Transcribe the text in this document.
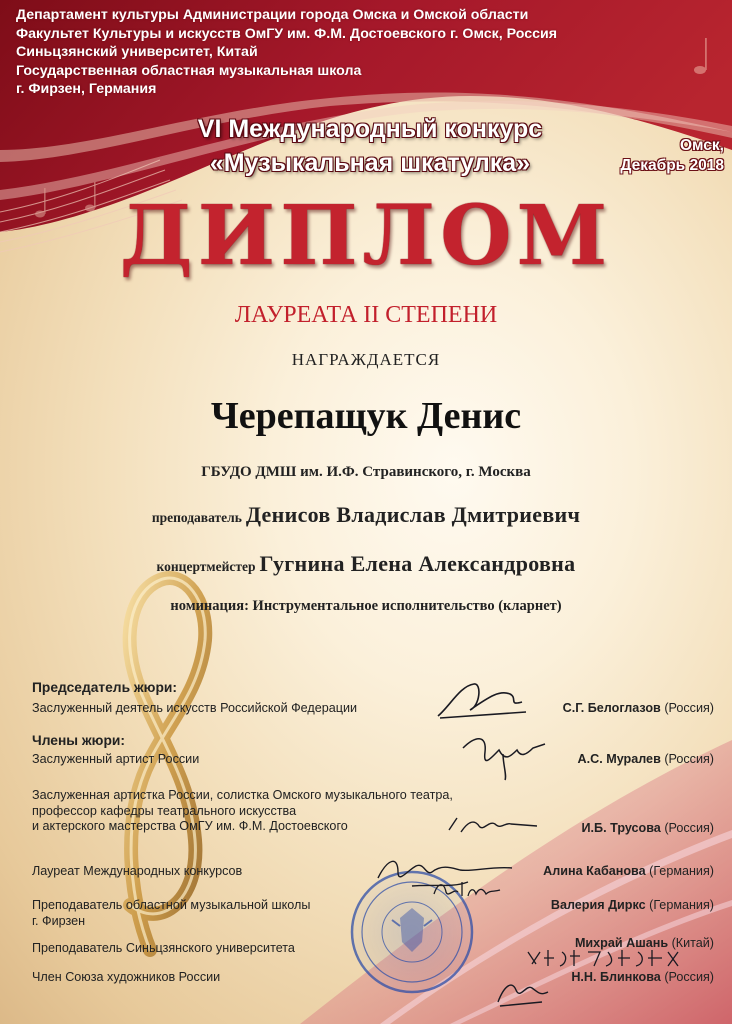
Департамент культуры Администрации города Омска и Омской области
Факультет Культуры и искусств ОмГУ им. Ф.М. Достоевского г. Омск, Россия
Синьцзянский университет, Китай
Государственная областная музыкальная школа
г. Фирзен, Германия
VI Международный конкурс
«Музыкальная шкатулка»
Омск,
Декабрь 2018
ДИПЛОМ
ЛАУРЕАТА II СТЕПЕНИ
НАГРАЖДАЕТСЯ
Черепащук Денис
ГБУДО ДМШ им. И.Ф. Стравинского, г. Москва
преподаватель Денисов Владислав Дмитриевич
концертмейстер Гугнина Елена Александровна
номинация: Инструментальное исполнительство (кларнет)
Председатель жюри:
Заслуженный деятель искусств Российской Федерации	С.Г. Белоглазов (Россия)
Члены жюри:
Заслуженный артист России	А.С. Муралев (Россия)
Заслуженная артистка России, солистка Омского музыкального театра,
профессор кафедры театрального искусства
и актерского мастерства ОмГУ им. Ф.М. Достоевского	И.Б. Трусова (Россия)
Лауреат Международных конкурсов	Алина Кабанова (Германия)
Преподаватель областной музыкальной школы
г. Фирзен
Валерия Диркс (Германия)
Преподаватель Синьцзянского университета	Михрай Ашань (Китай)
Член Союза художников России	Н.Н. Блинкова (Россия)
